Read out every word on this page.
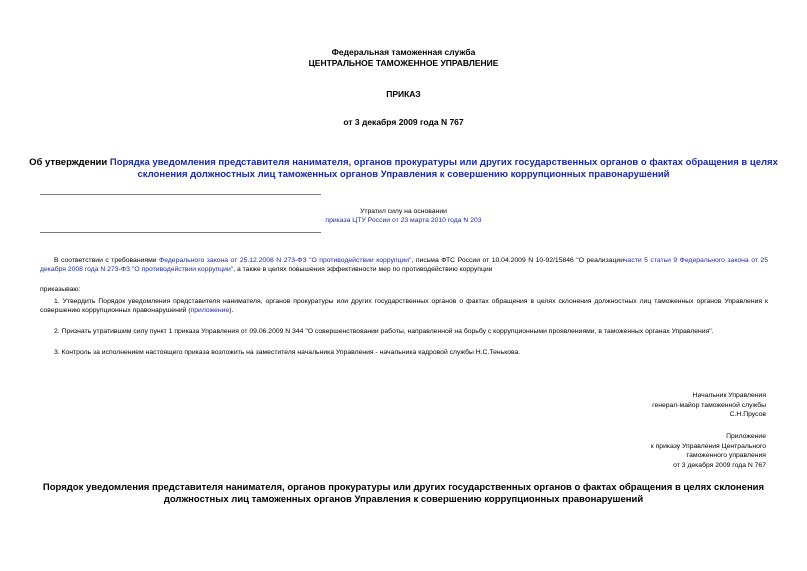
Федеральная таможенная служба
ЦЕНТРАЛЬНОЕ ТАМОЖЕННОЕ УПРАВЛЕНИЕ
ПРИКАЗ
от 3 декабря 2009 года N 767
Об утверждении Порядка уведомления представителя нанимателя, органов прокуратуры или других государственных органов о фактах обращения в целях
склонения должностных лиц таможенных органов Управления к совершению коррупционных правонарушений
Утратил силу на основании
приказа ЦТУ России от 23 марта 2010 года N 203
В соответствии с требованиями Федерального закона от 25.12.2008 N 273-ФЗ "О противодействии коррупции", письма ФТС России от 10.04.2009 N 10-92/15846 "О реализациичасти 5 статьи 9 Федерального закона от 25 декабря 2008 года N 273-ФЗ "О противодействии коррупции", а также в целях повышения эффективности мер по противодействию коррупции
приказываю:
1. Утвердить Порядок уведомления представителя нанимателя, органов прокуратуры или других государственных органов о фактах обращения в целях склонения должностных лиц таможенных органов Управления к совершению коррупционных правонарушений (приложение).
2. Признать утратившим силу пункт 1 приказа Управления от 09.06.2009 N 344 "О совершенствовании работы, направленной на борьбу с коррупционными проявлениями, в таможенных органах Управления".
3. Контроль за исполнением настоящего приказа возложить на заместителя начальника Управления - начальника кадровой службы Н.С.Тенькова.
Начальник Управления
генерал-майор таможенной службы
С.Н.Прусов
Приложение
к приказу Управления Центрального
таможенного управления
от 3 декабря 2009 года N 767
Порядок уведомления представителя нанимателя, органов прокуратуры или других государственных органов о фактах обращения в целях склонения
должностных лиц таможенных органов Управления к совершению коррупционных правонарушений
